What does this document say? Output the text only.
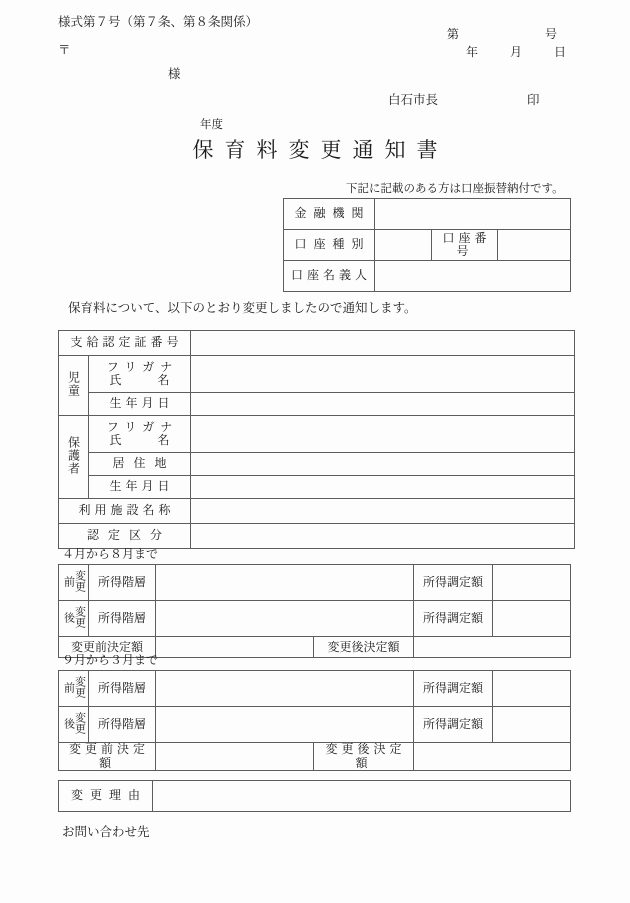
様式第７号（第７条、第８条関係）
〒
第	号
年　月　日
様
白石市長	印
年度
保育料変更通知書
下記に記載のある方は口座振替納付です。
金融機関			
口座種別		口座番号	
口座名義人			
保育料について、以下のとおり変更しましたので通知します。
支給認定証番号		
児童	フリガナ
氏　　　名	

	生年月日	
保護者	フリガナ
氏　　　名	

	居住地	
	生年月日	
利用施設名称		
認定区分		
４月から８月まで
変更前	所得階層			所得調定額	
変更後	所得階層			所得調定額	
変更前決定額			変更後決定額		
９月から３月まで
変更前	所得階層			所得調定額	
変更後	所得階層			所得調定額	
変更前決定額			変更後決定額		
変更理由	
お問い合わせ先
